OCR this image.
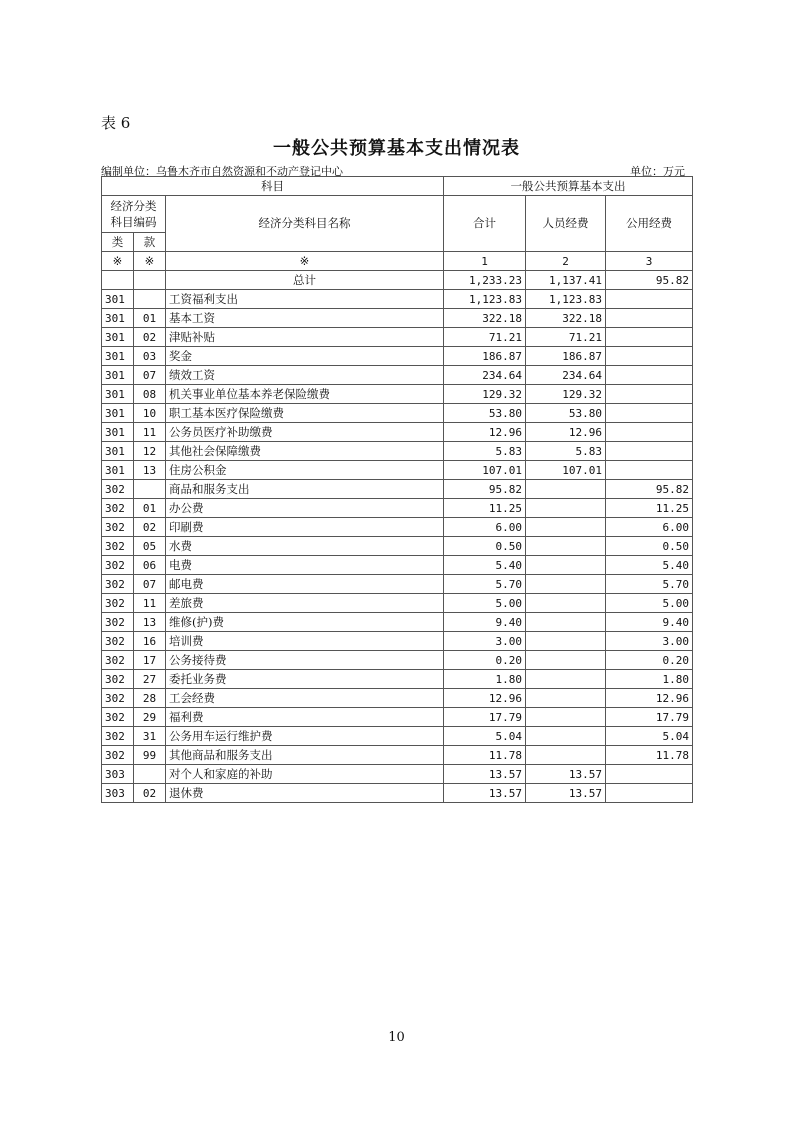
表 6
一般公共预算基本支出情况表
编制单位：乌鲁木齐市自然资源和不动产登记中心	单位：万元
科目			一般公共预算基本支出		
经济分类科目编码		经济分类科目名称	合计	人员经费	公用经费
类	款				
※	※	※	1	2	3
		总计	1,233.23	1,137.41	95.82
301		工资福利支出	1,123.83	1,123.83	
301	01	基本工资	322.18	322.18	
301	02	津贴补贴	71.21	71.21	
301	03	奖金	186.87	186.87	
301	07	绩效工资	234.64	234.64	
301	08	机关事业单位基本养老保险缴费	129.32	129.32	
301	10	职工基本医疗保险缴费	53.80	53.80	
301	11	公务员医疗补助缴费	12.96	12.96	
301	12	其他社会保障缴费	5.83	5.83	
301	13	住房公积金	107.01	107.01	
302		商品和服务支出	95.82		95.82
302	01	办公费	11.25		11.25
302	02	印刷费	6.00		6.00
302	05	水费	0.50		0.50
302	06	电费	5.40		5.40
302	07	邮电费	5.70		5.70
302	11	差旅费	5.00		5.00
302	13	维修(护)费	9.40		9.40
302	16	培训费	3.00		3.00
302	17	公务接待费	0.20		0.20
302	27	委托业务费	1.80		1.80
302	28	工会经费	12.96		12.96
302	29	福利费	17.79		17.79
302	31	公务用车运行维护费	5.04		5.04
302	99	其他商品和服务支出	11.78		11.78
303		对个人和家庭的补助	13.57	13.57	
303	02	退休费	13.57	13.57	
10
